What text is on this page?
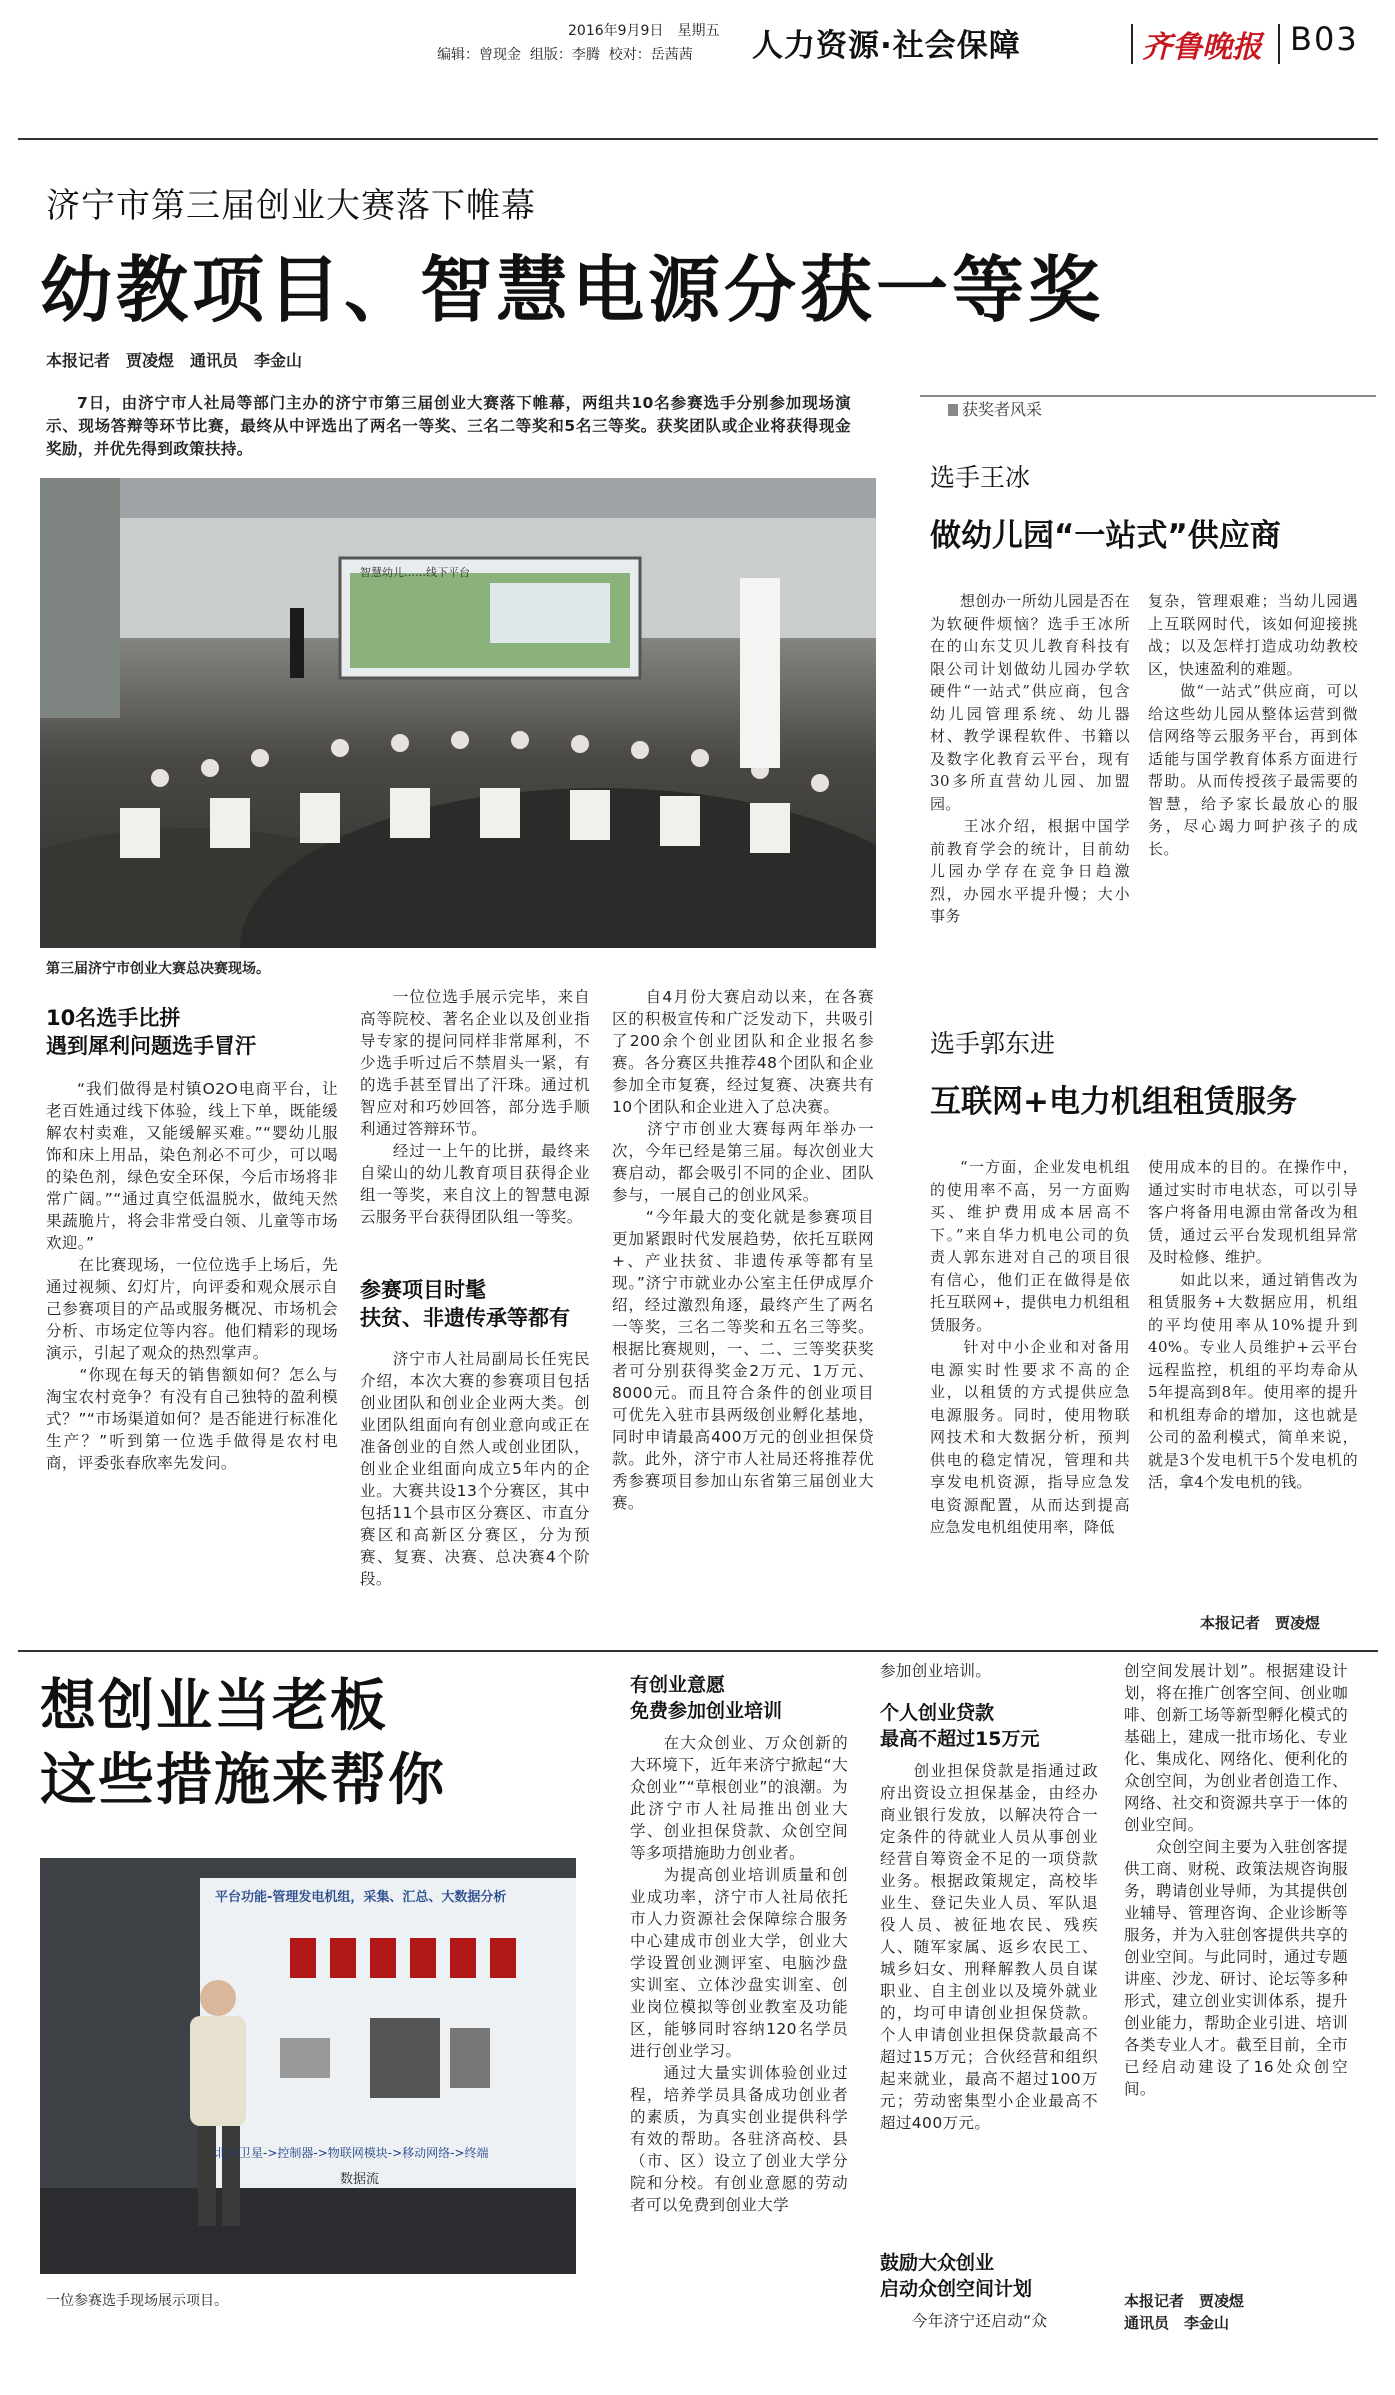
2016年9月9日　 星期五
编辑：曾现金  组版：李腾  校对：岳茜茜 人力资源·社会保障	齐鲁晚报 B03
济宁市第三届创业大赛落下帷幕
幼教项目、智慧电源分获一等奖
本报记者　贾凌煜　通讯员　李金山
7日，由济宁市人社局等部门主办的济宁市第三届创业大赛落下帷幕，两组共10名参赛选手分别参加现场演示、现场答辩等环节比赛，最终从中评选出了两名一等奖、三名二等奖和5名三等奖。获奖团队或企业将获得现金奖励，并优先得到政策扶持。
智慧幼儿……线下平台
第三届济宁市创业大赛总决赛现场。
获奖者风采
选手王冰
做幼儿园“一站式”供应商
想创办一所幼儿园是否在为软硬件烦恼？选手王冰所在的山东艾贝儿教育科技有限公司计划做幼儿园办学软硬件“一站式”供应商，包含幼儿园管理系统、幼儿器材、教学课程软件、书籍以及数字化教育云平台，现有30多所直营幼儿园、加盟园。
　　王冰介绍，根据中国学前教育学会的统计，目前幼儿园办学存在竞争日趋激烈，办园水平提升慢；大小事务
复杂，管理艰难；当幼儿园遇上互联网时代，该如何迎接挑战；以及怎样打造成功幼教校区，快速盈利的难题。
　　做“一站式”供应商，可以给这些幼儿园从整体运营到微信网络等云服务平台，再到体适能与国学教育体系方面进行帮助。从而传授孩子最需要的智慧，给予家长最放心的服务，尽心竭力呵护孩子的成长。
选手郭东进
互联网+电力机组租赁服务
“一方面，企业发电机组的使用率不高，另一方面购买、维护费用成本居高不下。”来自华力机电公司的负责人郭东进对自己的项目很有信心，他们正在做得是依托互联网+，提供电力机组租赁服务。
　　针对中小企业和对备用电源实时性要求不高的企业，以租赁的方式提供应急电源服务。同时，使用物联网技术和大数据分析，预判供电的稳定情况，管理和共享发电机资源，指导应急发电资源配置，从而达到提高应急发电机组使用率，降低
使用成本的目的。在操作中，通过实时市电状态，可以引导客户将备用电源由常备改为租赁，通过云平台发现机组异常及时检修、维护。
　　如此以来，通过销售改为租赁服务+大数据应用，机组的平均使用率从10%提升到40%。专业人员维护+云平台远程监控，机组的平均寿命从5年提高到8年。使用率的提升和机组寿命的增加，这也就是公司的盈利模式，简单来说，就是3个发电机干5个发电机的活，拿4个发电机的钱。
本报记者　贾凌煜
10名选手比拼
遇到犀利问题选手冒汗
“我们做得是村镇O2O电商平台，让老百姓通过线下体验，线上下单，既能缓解农村卖难，又能缓解买难。”“婴幼儿服饰和床上用品，染色剂必不可少，可以喝的染色剂，绿色安全环保，今后市场将非常广阔。”“通过真空低温脱水，做纯天然果蔬脆片，将会非常受白领、儿童等市场欢迎。”
　　在比赛现场，一位位选手上场后，先通过视频、幻灯片，向评委和观众展示自己参赛项目的产品或服务概况、市场机会分析、市场定位等内容。他们精彩的现场演示，引起了观众的热烈掌声。
　　“你现在每天的销售额如何？怎么与淘宝农村竞争？有没有自己独特的盈利模式？”“市场渠道如何？是否能进行标准化生产？”听到第一位选手做得是农村电商，评委张春欣率先发问。
　　一位位选手展示完毕，来自高等院校、著名企业以及创业指导专家的提问同样非常犀利，不少选手听过后不禁眉头一紧，有的选手甚至冒出了汗珠。通过机智应对和巧妙回答，部分选手顺利通过答辩环节。
　　经过一上午的比拼，最终来自梁山的幼儿教育项目获得企业组一等奖，来自汶上的智慧电源云服务平台获得团队组一等奖。
参赛项目时髦
扶贫、非遗传承等都有
　　济宁市人社局副局长任宪民介绍，本次大赛的参赛项目包括创业团队和创业企业两大类。创业团队组面向有创业意向或正在准备创业的自然人或创业团队，创业企业组面向成立5年内的企业。大赛共设13个分赛区，其中包括11个县市区分赛区、市直分赛区和高新区分赛区，分为预赛、复赛、决赛、总决赛4个阶段。
　　自4月份大赛启动以来，在各赛区的积极宣传和广泛发动下，共吸引了200余个创业团队和企业报名参赛。各分赛区共推荐48个团队和企业参加全市复赛，经过复赛、决赛共有10个团队和企业进入了总决赛。
　　济宁市创业大赛每两年举办一次，今年已经是第三届。每次创业大赛启动，都会吸引不同的企业、团队参与，一展自己的创业风采。
　　“今年最大的变化就是参赛项目更加紧跟时代发展趋势，依托互联网+、产业扶贫、非遗传承等都有呈现。”济宁市就业办公室主任伊成厚介绍，经过激烈角逐，最终产生了两名一等奖，三名二等奖和五名三等奖。根据比赛规则，一、二、三等奖获奖者可分别获得奖金2万元、1万元、8000元。而且符合条件的创业项目可优先入驻市县两级创业孵化基地，同时申请最高400万元的创业担保贷款。此外，济宁市人社局还将推荐优秀参赛项目参加山东省第三届创业大赛。
想创业当老板
这些措施来帮你
平台功能-管理发电机组，采集、汇总、大数据分析
北斗卫星->控制器->物联网模块->移动网络->终端
数据流
一位参赛选手现场展示项目。
有创业意愿
免费参加创业培训
　　在大众创业、万众创新的大环境下，近年来济宁掀起“大众创业”“草根创业”的浪潮。为此济宁市人社局推出创业大学、创业担保贷款、众创空间等多项措施助力创业者。
　　为提高创业培训质量和创业成功率，济宁市人社局依托市人力资源社会保障综合服务中心建成市创业大学，创业大学设置创业测评室、电脑沙盘实训室、立体沙盘实训室、创业岗位模拟等创业教室及功能区，能够同时容纳120名学员进行创业学习。
　　通过大量实训体验创业过程，培养学员具备成功创业者的素质，为真实创业提供科学有效的帮助。各驻济高校、县（市、区）设立了创业大学分院和分校。有创业意愿的劳动者可以免费到创业大学
参加创业培训。
个人创业贷款
最高不超过15万元
　　创业担保贷款是指通过政府出资设立担保基金，由经办商业银行发放，以解决符合一定条件的待就业人员从事创业经营自筹资金不足的一项贷款业务。根据政策规定，高校毕业生、登记失业人员、军队退役人员、被征地农民、残疾人、随军家属、返乡农民工、城乡妇女、刑释解教人员自谋职业、自主创业以及境外就业的，均可申请创业担保贷款。个人申请创业担保贷款最高不超过15万元；合伙经营和组织起来就业，最高不超过100万元；劳动密集型小企业最高不超过400万元。
鼓励大众创业
启动众创空间计划
　　今年济宁还启动“众
创空间发展计划”。根据建设计划，将在推广创客空间、创业咖啡、创新工场等新型孵化模式的基础上，建成一批市场化、专业化、集成化、网络化、便利化的众创空间，为创业者创造工作、网络、社交和资源共享于一体的创业空间。
　　众创空间主要为入驻创客提供工商、财税、政策法规咨询服务，聘请创业导师，为其提供创业辅导、管理咨询、企业诊断等服务，并为入驻创客提供共享的创业空间。与此同时，通过专题讲座、沙龙、研讨、论坛等多种形式，建立创业实训体系，提升创业能力，帮助企业引进、培训各类专业人才。截至目前，全市已经启动建设了16处众创空间。
本报记者　贾凌煜
通讯员　李金山
